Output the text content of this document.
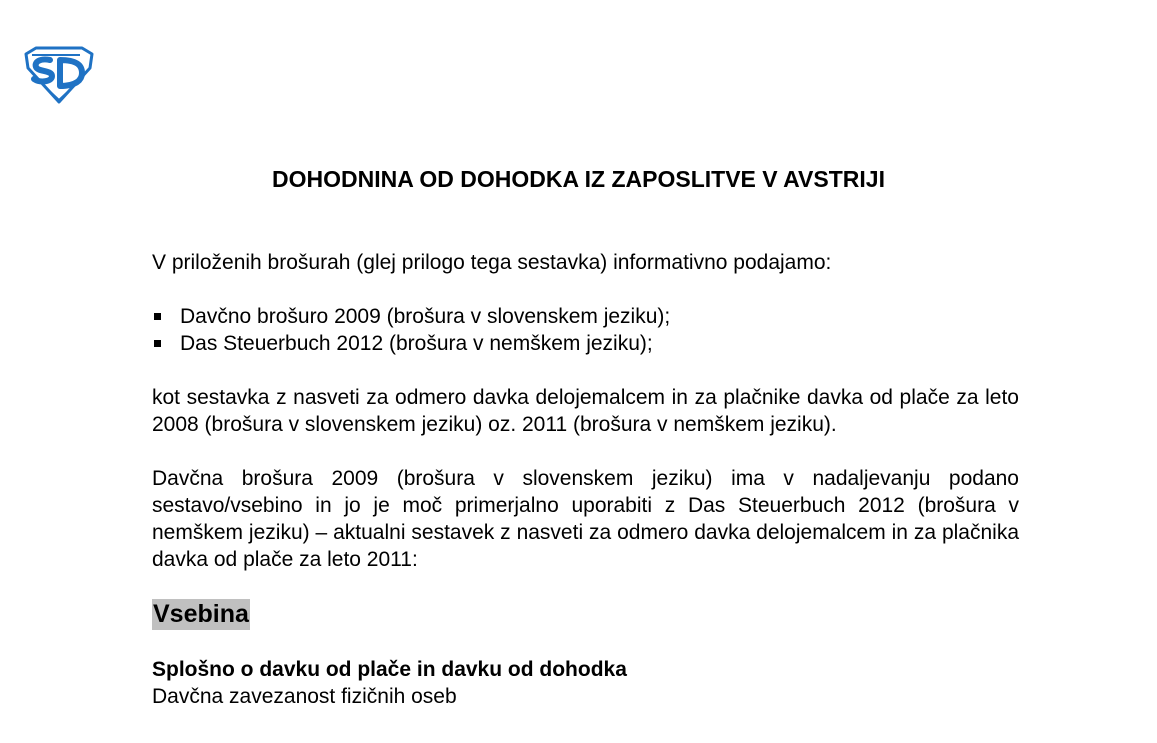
DOHODNINA OD DOHODKA IZ ZAPOSLITVE V AVSTRIJI

V priloženih brošurah (glej prilogo tega sestavka) informativno podajamo:

Davčno brošuro 2009 (brošura v slovenskem jeziku);
Das Steuerbuch 2012 (brošura v nemškem jeziku);

kot sestavka z nasveti za odmero davka delojemalcem in za plačnike davka od plače za leto 2008 (brošura v slovenskem jeziku) oz. 2011 (brošura v nemškem jeziku).

Davčna brošura 2009 (brošura v slovenskem jeziku) ima v nadaljevanju podano sestavo/vsebino in jo je moč primerjalno uporabiti z Das Steuerbuch 2012 (brošura v nemškem jeziku) – aktualni sestavek z nasveti za odmero davka delojemalcem in za plačnika davka od plače za leto 2011:

Vsebina

Splošno o davku od plače in davku od dohodka

Davčna zavezanost fizičnih oseb
